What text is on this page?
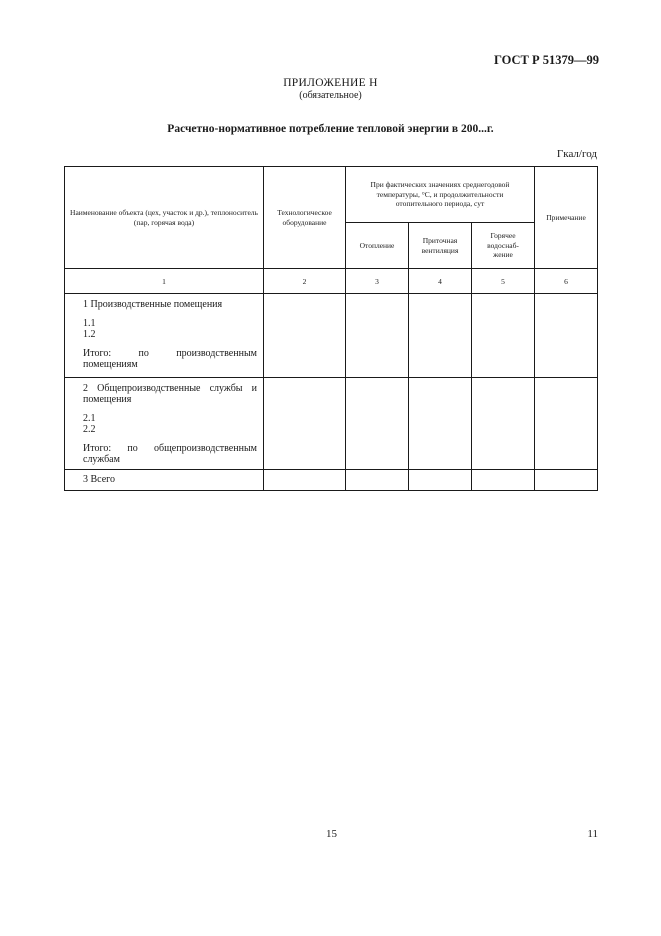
ГОСТ Р 51379—99
ПРИЛОЖЕНИЕ Н
(обязательное)
Расчетно-нормативное потребление тепловой энергии в 200...г.
Гкал/год
Наименование объекта (цех, участок и др.), теплоноситель (пар, горячая вода)	Технологическое оборудование	При фактических значениях среднегодовой температуры, °С, и продолжительности отопительного периода, сут			Примечание
		Отопление	Приточная вентиляция	Горячее водоснаб-жение	
1	2	3	4	5	6

1 Производственные помещения
1.1
1.2
Итого: по производственным помещениям					

2 Общепроизводственные службы и помещения
2.1
2.2
Итого: по общепроизводственным службам					

3 Всего					

15	11
